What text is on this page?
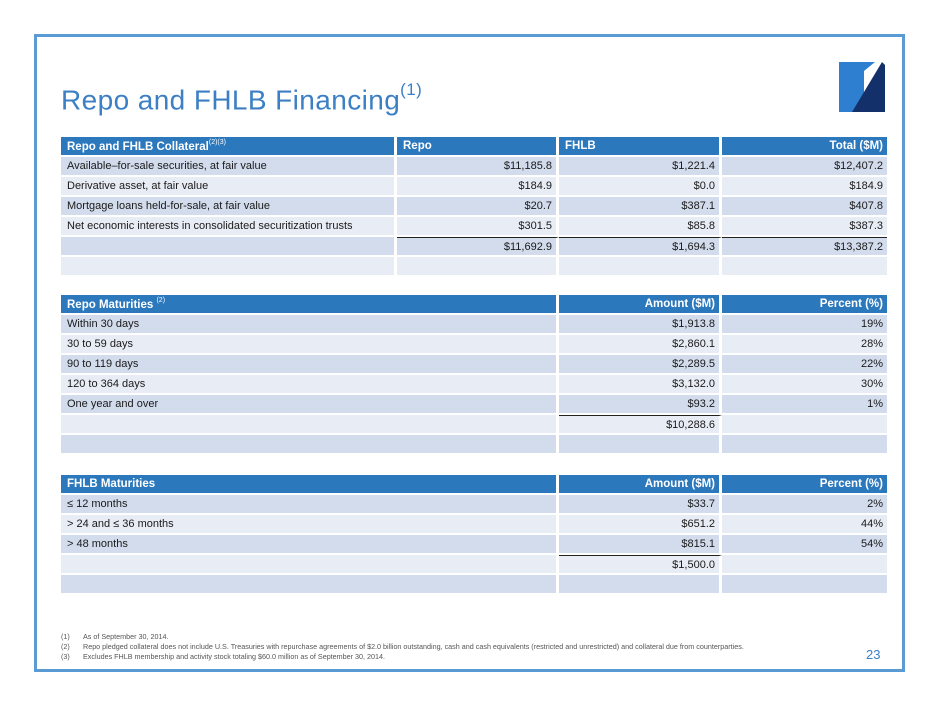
Repo and FHLB Financing$^{(1)}$
Repo and FHLB Collateral$^{(2)(3)}$	Repo	FHLB	Total ($M)
Available–for-sale securities, at fair value	$11,185.8	$1,221.4	$12,407.2
Derivative asset, at fair value	$184.9	$0.0	$184.9
Mortgage loans held-for-sale, at fair value	$20.7	$387.1	$407.8
Net economic interests in consolidated securitization trusts	$301.5	$85.8	$387.3
	$11,692.9	$1,694.3	$13,387.2

Repo Maturities $^{(2)}$	Amount ($M)	Percent (%)
Within 30 days	$1,913.8	19%
30 to 59 days	$2,860.1	28%
90 to 119 days	$2,289.5	22%
120 to 364 days	$3,132.0	30%
One year and over	$93.2	1%
	$10,288.6	

FHLB Maturities	Amount ($M)	Percent (%)
≤ 12 months	$33.7	2%
> 24 and ≤ 36 months	$651.2	44%
> 48 months	$815.1	54%
	$1,500.0	

(1)	As of September 30, 2014.
(2)	Repo pledged collateral does not include U.S. Treasuries with repurchase agreements of $2.0 billion outstanding, cash and cash equivalents (restricted and unrestricted) and collateral due from counterparties.
(3)	Excludes FHLB membership and activity stock totaling $60.0 million as of September 30, 2014.	23
